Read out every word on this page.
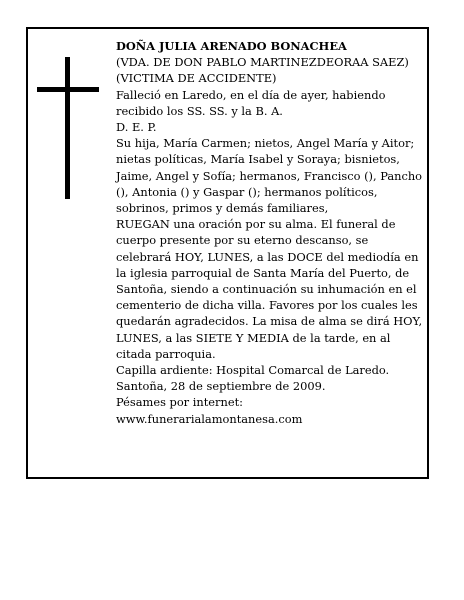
DOÑA JULIA ARENADO BONACHEA

(VDA. DE DON PABLO MARTINEZDEORAA SAEZ)

(VICTIMA DE ACCIDENTE)

Falleció en Laredo, en el día de ayer, habiendo recibido los SS. SS. y la B. A.

D. E. P.

Su hija, María Carmen; nietos, Angel María y Aitor; nietas políticas, María Isabel y Soraya; bisnietos, Jaime, Angel y Sofía; hermanos, Francisco (), Pancho (), Antonia () y Gaspar (); hermanos políticos, sobrinos, primos y demás familiares,

RUEGAN una oración por su alma. El funeral de cuerpo presente por su eterno descanso, se celebrará HOY, LUNES, a las DOCE del mediodía en la iglesia parroquial de Santa María del Puerto, de Santoña, siendo a continuación su inhumación en el cementerio de dicha villa. Favores por los cuales les quedarán agradecidos. La misa de alma se dirá HOY, LUNES, a las SIETE Y MEDIA de la tarde, en al citada parroquia.

Capilla ardiente: Hospital Comarcal de Laredo.

Santoña, 28 de septiembre de 2009.

Pésames por internet: www.funerarialamontanesa.com
